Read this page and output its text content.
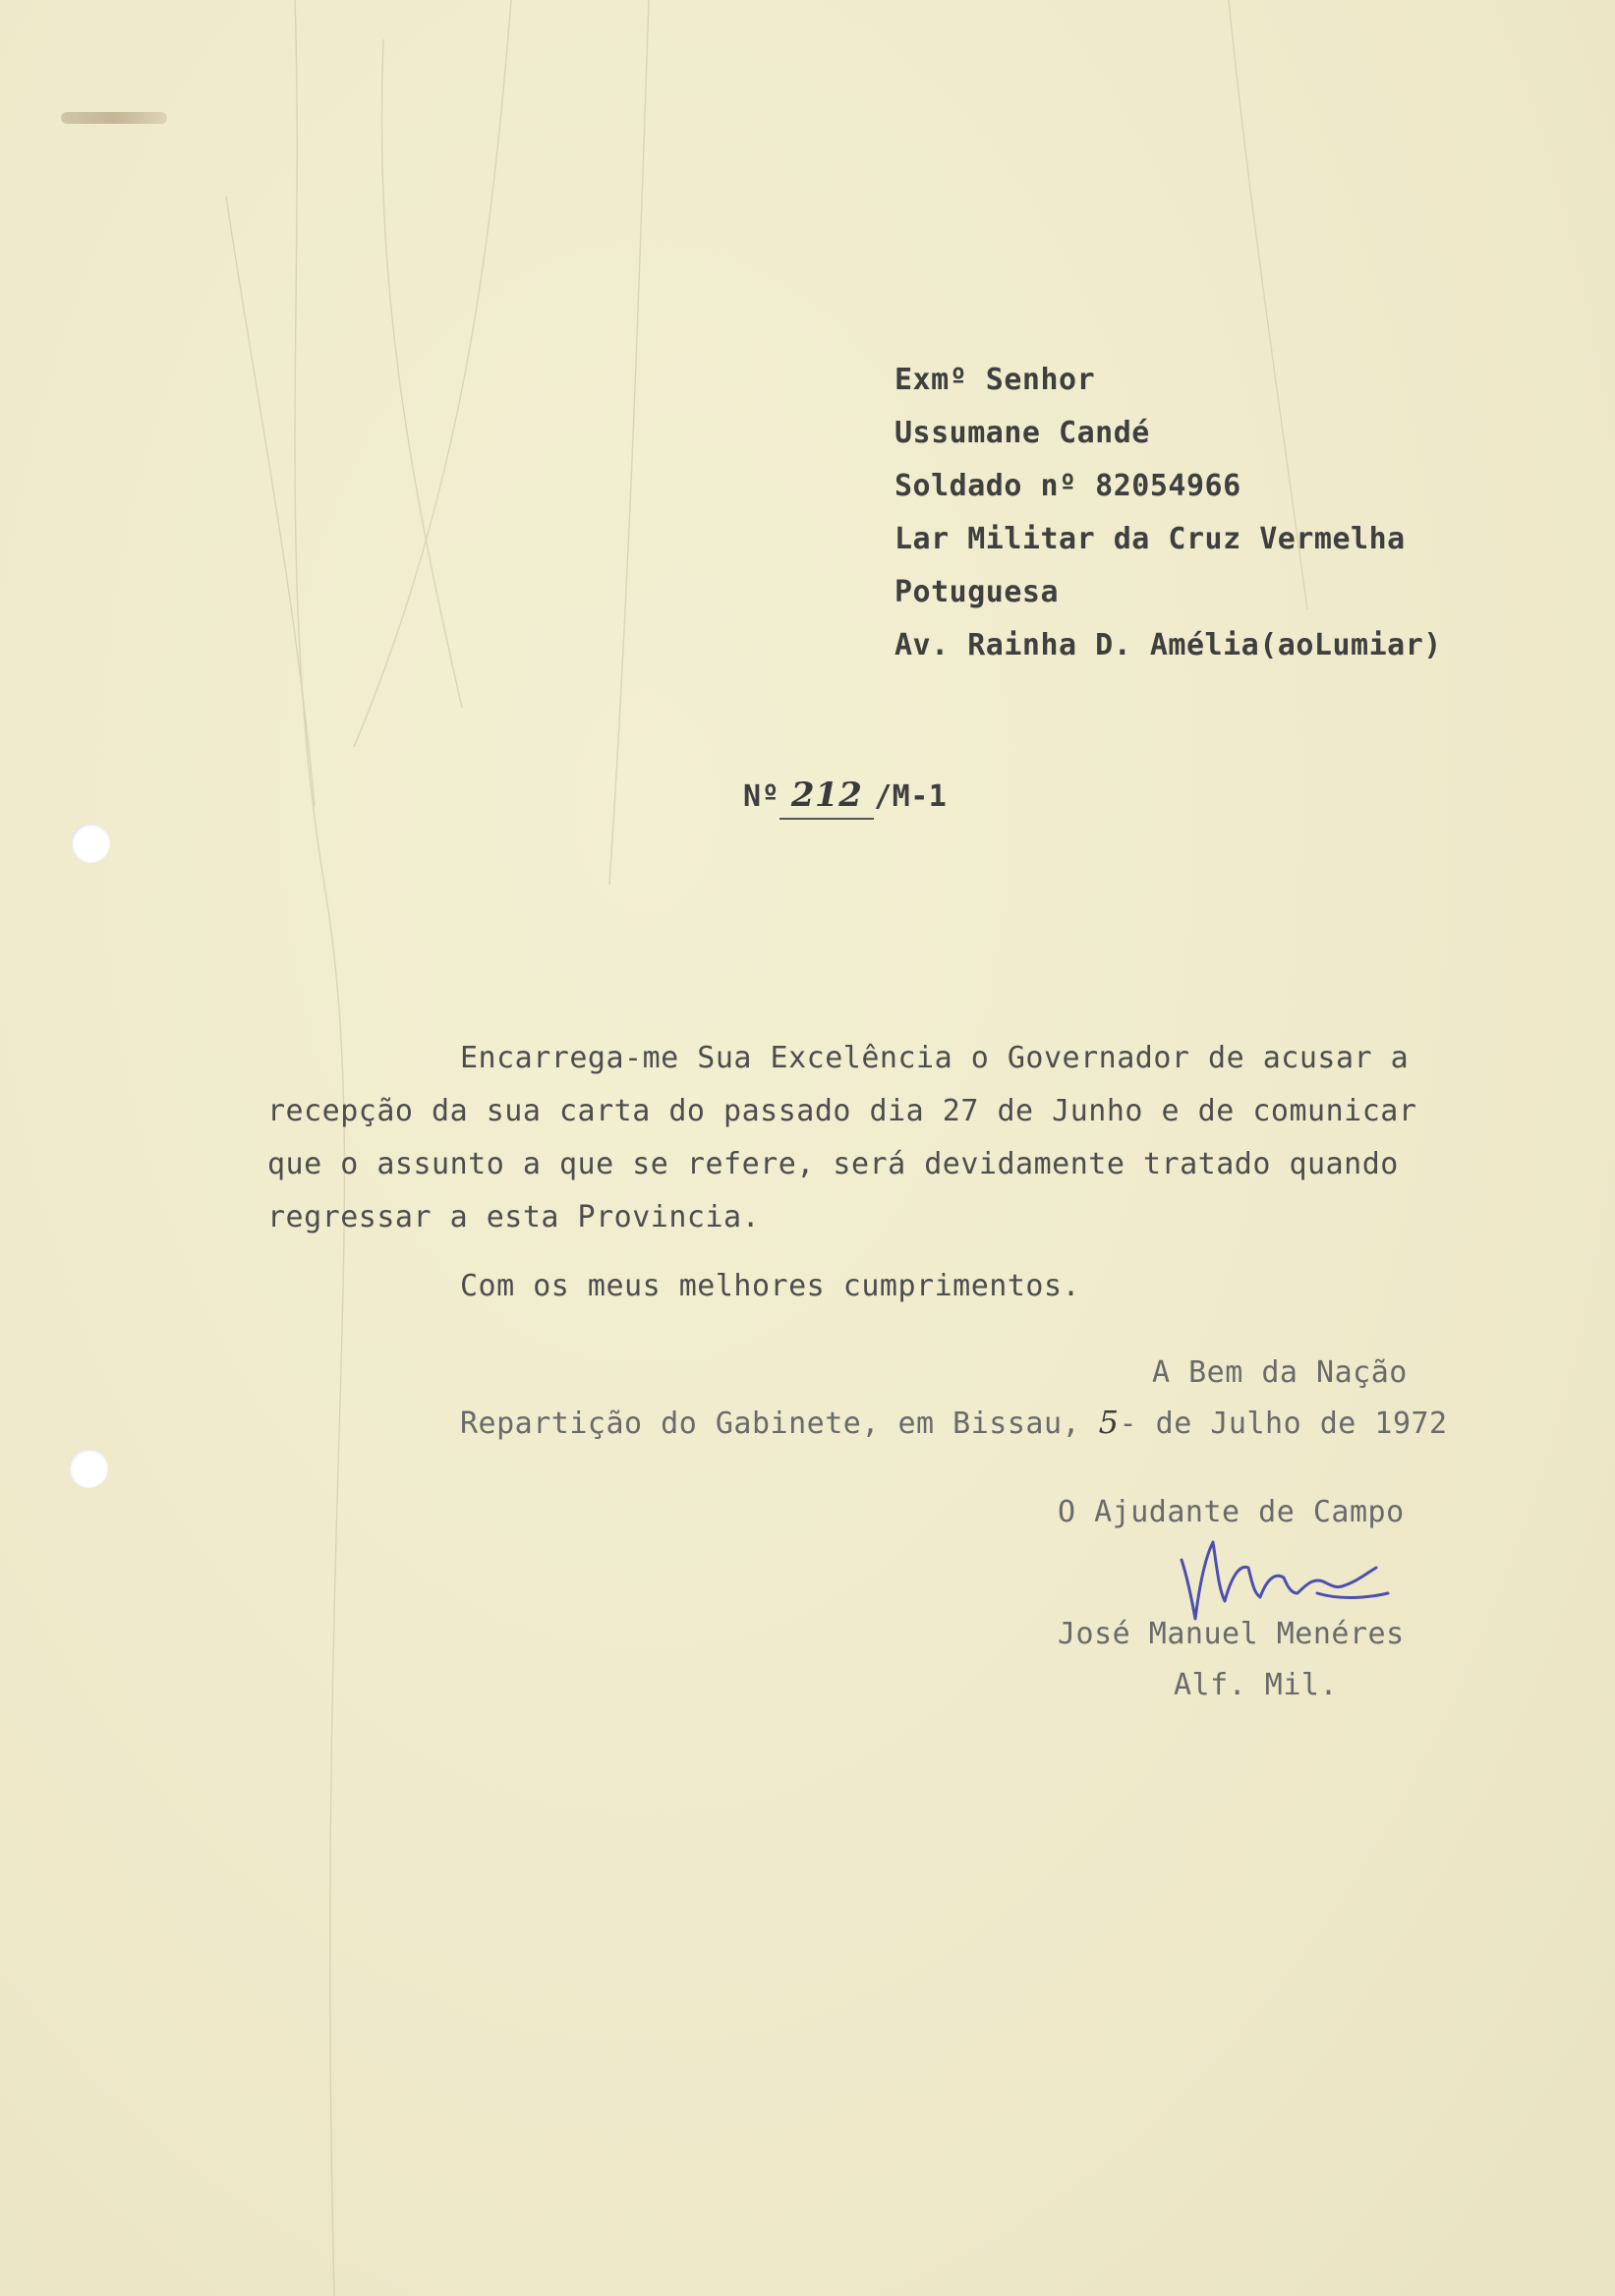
Exmº Senhor
Ussumane Candé
Soldado nº 82054966
Lar Militar da Cruz Vermelha
Potuguesa
Av. Rainha D. Amélia(aoLumiar)
Nº 212 /M-1
Encarrega-me Sua Excelência o Governador de acusar a
recepção da sua carta do passado dia 27 de Junho e de comunicar
que o assunto a que se refere, será devidamente tratado quando
regressar a esta Provincia.
Com os meus melhores cumprimentos.
A Bem da Nação
Repartição do Gabinete, em Bissau, 5- de Julho de 1972
O Ajudante de Campo
José Manuel Menéres
Alf. Mil.
